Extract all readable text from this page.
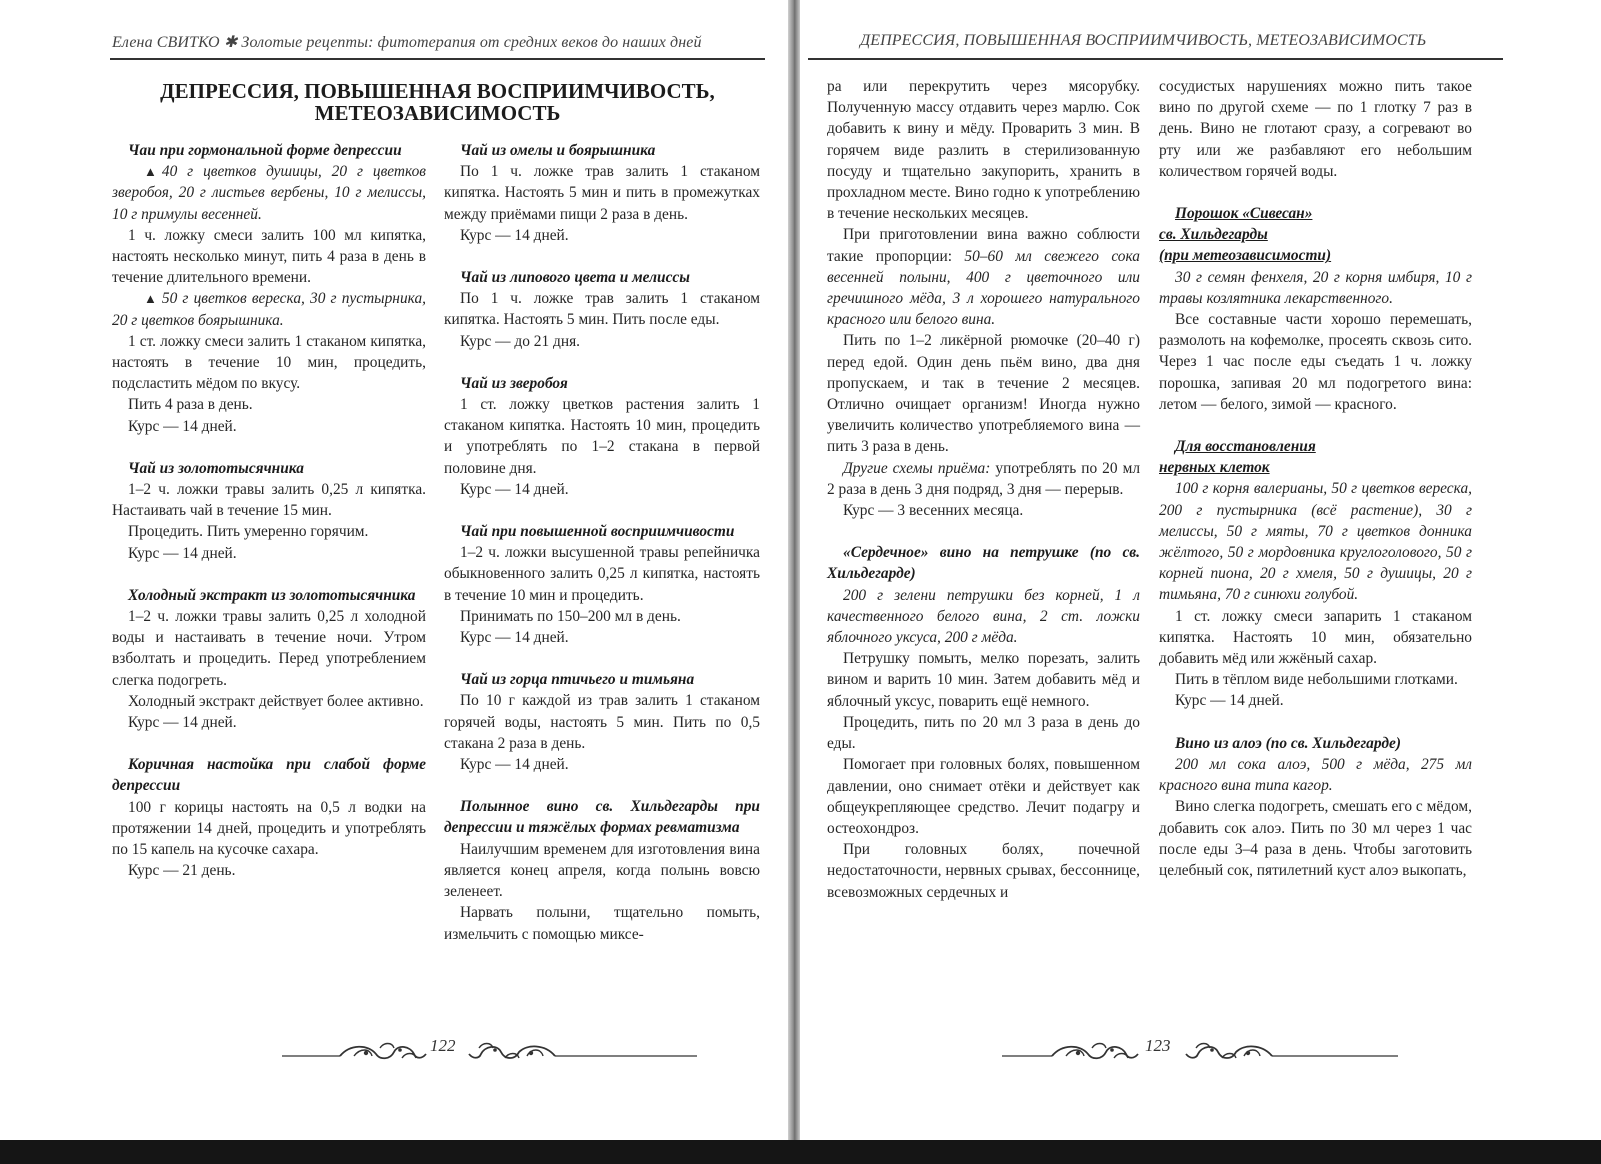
Елена СВИТКО ✱ Золотые рецепты: фитотерапия от средних веков до наших дней
ДЕПРЕССИЯ, ПОВЫШЕННАЯ ВОСПРИИМЧИВОСТЬ, МЕТЕОЗАВИСИМОСТЬ

Чаи при гормональной форме депрессии

▲ 40 г цветков душицы, 20 г цветков зверобоя, 20 г листьев вербены, 10 г мелиссы, 10 г примулы весенней.

1 ч. ложку смеси залить 100 мл кипятка, настоять несколько минут, пить 4 раза в день в течение длительного времени.

▲ 50 г цветков вереска, 30 г пустырника, 20 г цветков боярышника.

1 ст. ложку смеси залить 1 стаканом кипятка, настоять в течение 10 мин, процедить, подсластить мёдом по вкусу.

Пить 4 раза в день.

Курс — 14 дней.

Чай из золототысячника

1–2 ч. ложки травы залить 0,25 л кипятка. Настаивать чай в течение 15 мин.

Процедить. Пить умеренно горячим.

Курс — 14 дней.

Холодный экстракт из золототысячника

1–2 ч. ложки травы залить 0,25 л холодной воды и настаивать в течение ночи. Утром взболтать и процедить. Перед употреблением слегка подогреть.

Холодный экстракт действует более активно.

Курс — 14 дней.

Коричная настойка при слабой форме депрессии

100 г корицы настоять на 0,5 л водки на протяжении 14 дней, процедить и употреблять по 15 капель на кусочке сахара.

Курс — 21 день.

Чай из омелы и боярышника

По 1 ч. ложке трав залить 1 стаканом кипятка. Настоять 5 мин и пить в промежутках между приёмами пищи 2 раза в день.

Курс — 14 дней.

Чай из липового цвета и мелиссы

По 1 ч. ложке трав залить 1 стаканом кипятка. Настоять 5 мин. Пить после еды.

Курс — до 21 дня.

Чай из зверобоя

1 ст. ложку цветков растения залить 1 стаканом кипятка. Настоять 10 мин, процедить и употреблять по 1–2 стакана в первой половине дня.

Курс — 14 дней.

Чай при повышенной восприимчивости

1–2 ч. ложки высушенной травы репейничка обыкновенного залить 0,25 л кипятка, настоять в течение 10 мин и процедить.

Принимать по 150–200 мл в день.

Курс — 14 дней.

Чай из горца птичьего и тимьяна

По 10 г каждой из трав залить 1 стаканом горячей воды, настоять 5 мин. Пить по 0,5 стакана 2 раза в день.

Курс — 14 дней.

Полынное вино св. Хильдегарды при депрессии и тяжёлых формах ревматизма

Наилучшим временем для изготовления вина является конец апреля, когда полынь вовсю зеленеет.

Нарвать полыни, тщательно помыть, измельчить с помощью миксе-

122
ДЕПРЕССИЯ, ПОВЫШЕННАЯ ВОСПРИИМЧИВОСТЬ, МЕТЕОЗАВИСИМОСТЬ

ра или перекрутить через мясорубку. Полученную массу отдавить через марлю. Сок добавить к вину и мёду. Проварить 3 мин. В горячем виде разлить в стерилизованную посуду и тщательно закупорить, хранить в прохладном месте. Вино годно к употреблению в течение нескольких месяцев.

При приготовлении вина важно соблюсти такие пропорции: 50–60 мл свежего сока весенней полыни, 400 г цветочного или гречишного мёда, 3 л хорошего натурального красного или белого вина.

Пить по 1–2 ликёрной рюмочке (20–40 г) перед едой. Один день пьём вино, два дня пропускаем, и так в течение 2 месяцев. Отлично очищает организм! Иногда нужно увеличить количество употребляемого вина — пить 3 раза в день.

Другие схемы приёма: употреблять по 20 мл 2 раза в день 3 дня подряд, 3 дня — перерыв.

Курс — 3 весенних месяца.

«Сердечное» вино на петрушке (по св. Хильдегарде)

200 г зелени петрушки без корней, 1 л качественного белого вина, 2 ст. ложки яблочного уксуса, 200 г мёда.

Петрушку помыть, мелко порезать, залить вином и варить 10 мин. Затем добавить мёд и яблочный уксус, поварить ещё немного.

Процедить, пить по 20 мл 3 раза в день до еды.

Помогает при головных болях, повышенном давлении, оно снимает отёки и действует как общеукрепляющее средство. Лечит подагру и остеохондроз.

При головных болях, почечной недостаточности, нервных срывах, бессоннице, всевозможных сердечных и

сосудистых нарушениях можно пить такое вино по другой схеме — по 1 глотку 7 раз в день. Вино не глотают сразу, а согревают во рту или же разбавляют его небольшим количеством горячей воды.

Порошок «Сивесан»
св. Хильдегарды
(при метеозависимости)

30 г семян фенхеля, 20 г корня имбиря, 10 г травы козлятника лекарственного.

Все составные части хорошо перемешать, размолоть на кофемолке, просеять сквозь сито. Через 1 час после еды съедать 1 ч. ложку порошка, запивая 20 мл подогретого вина: летом — белого, зимой — красного.

Для восстановления
нервных клеток

100 г корня валерианы, 50 г цветков вереска, 200 г пустырника (всё растение), 30 г мелиссы, 50 г мяты, 70 г цветков донника жёлтого, 50 г мордовника круглоголового, 50 г корней пиона, 20 г хмеля, 50 г душицы, 20 г тимьяна, 70 г синюхи голубой.

1 ст. ложку смеси запарить 1 стаканом кипятка. Настоять 10 мин, обязательно добавить мёд или жжёный сахар.

Пить в тёплом виде небольшими глотками.

Курс — 14 дней.

Вино из алоэ (по св. Хильдегарде)

200 мл сока алоэ, 500 г мёда, 275 мл красного вина типа кагор.

Вино слегка подогреть, смешать его с мёдом, добавить сок алоэ. Пить по 30 мл через 1 час после еды 3–4 раза в день. Чтобы заготовить целебный сок, пятилетний куст алоэ выкопать,

123
